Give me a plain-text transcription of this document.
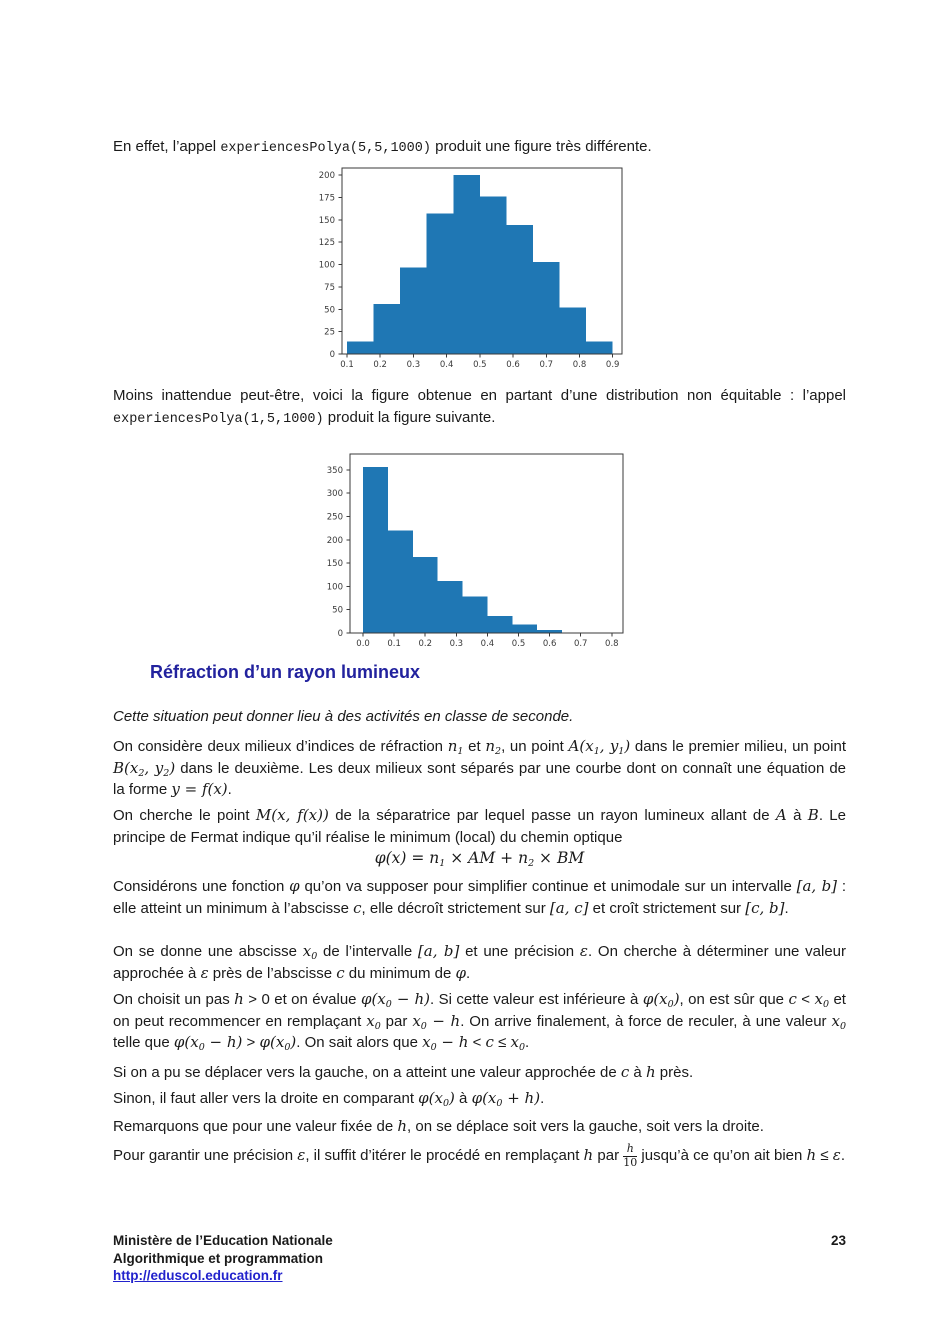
En effet, l’appel experiencesPolya(5,5,1000) produit une figure très différente.

0
25
50
75
100
125
150
175
200
0.1 0.2 0.3 0.4 0.5 0.6 0.7 0.8 0.9

Moins inattendue peut-être, voici la figure obtenue en partant d’une distribution non équitable : l’appel experiencesPolya(1,5,1000) produit la figure suivante.

0
50
100
150
200
250
300
350
0.0 0.1 0.2 0.3 0.4 0.5 0.6 0.7 0.8
Réfraction d’un rayon lumineux

Cette situation peut donner lieu à des activités en classe de seconde.

On considère deux milieux d’indices de réfraction $n_1$ et $n_2$, un point $A(x_1$, $y_1$) dans le premier milieu, un point $B(x_2$, $y_2$) dans le deuxième. Les deux milieux sont séparés par une courbe dont on connaît une équation de la forme y = f(x).

On cherche le point M(x, f(x)) de la séparatrice par lequel passe un rayon lumineux allant de A à B. Le principe de Fermat indique qu’il réalise le minimum (local) du chemin optique

$\varphi(x) = n_1$ × AM + $n_2$ × BM

Considérons une fonction φ qu’on va supposer pour simplifier continue et unimodale sur un intervalle [a, b] : elle atteint un minimum à l’abscisse c, elle décroît strictement sur [a, c] et croît strictement sur [c, b].

On se donne une abscisse $x_0$ de l’intervalle [a, b] et une précision ε. On cherche à déterminer une valeur approchée à ε près de l’abscisse c du minimum de φ.

On choisit un pas h > 0 et on évalue $\varphi(x_0 - h)$. Si cette valeur est inférieure à $\varphi(x_0)$, on est sûr que $c < x_0$ et on peut recommencer en remplaçant $x_0$ par $x_0 - h$. On arrive finalement, à force de reculer, à une valeur $x_0$ telle que $\varphi(x_0 - h) > \varphi(x_0)$. On sait alors que $x_0 - h < c \le x_0$.

Si on a pu se déplacer vers la gauche, on a atteint une valeur approchée de c à h près.

Sinon, il faut aller vers la droite en comparant $\varphi(x_0)$ à $\varphi(x_0 + h)$.

Remarquons que pour une valeur fixée de h, on se déplace soit vers la gauche, soit vers la droite.

Pour garantir une précision ε, il suffit d’itérer le procédé en remplaçant h par $\frac{h}{10}$ jusqu’à ce qu’on ait bien h ≤ ε.

Ministère de l’Education Nationale
Algorithmique et programmation
http://eduscol.education.fr
23
